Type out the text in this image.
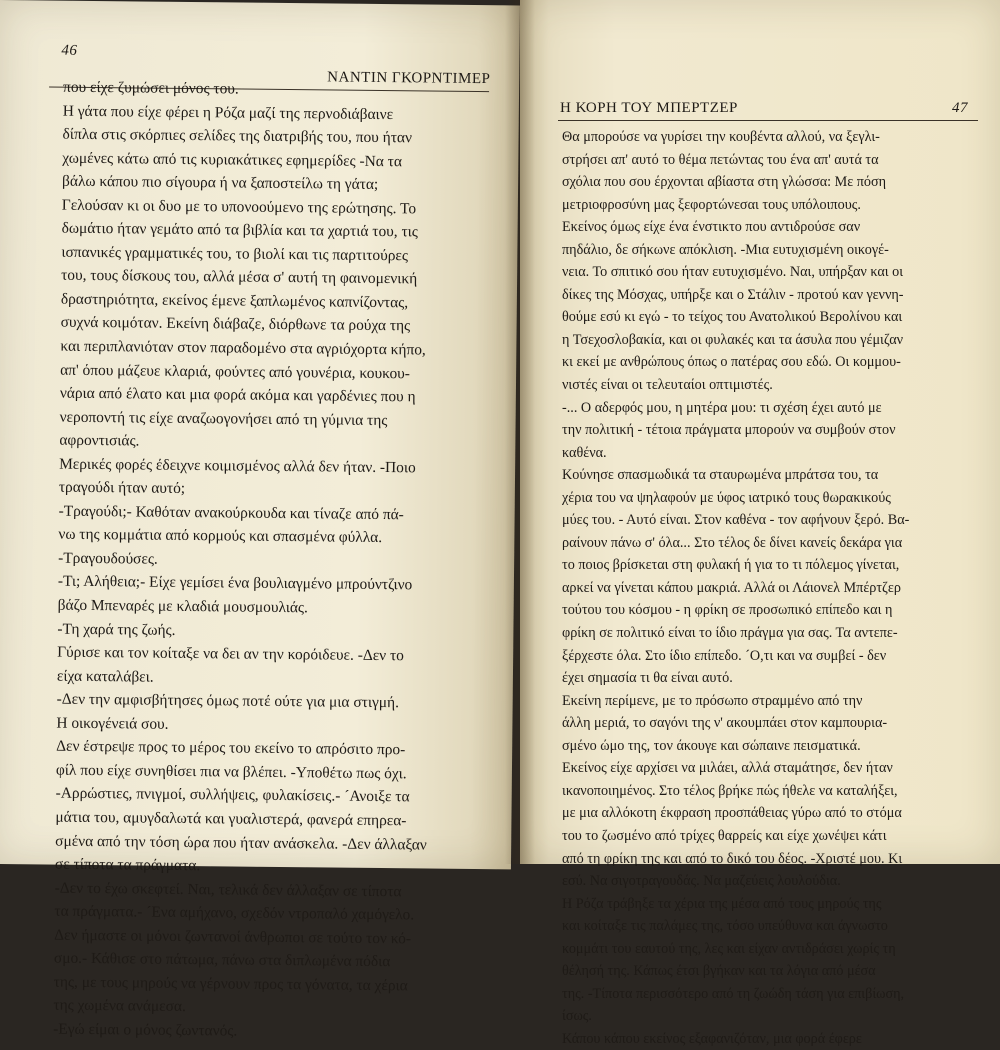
46
ΝΑΝΤΙΝ ΓΚΟΡΝΤΙΜΕΡ
που είχε ζυμώσει μόνος του.
Η γάτα που είχε φέρει η Ρόζα μαζί της περνοδιάβαινε
δίπλα στις σκόρπιες σελίδες της διατριβής του, που ήταν
χωμένες κάτω από τις κυριακάτικες εφημερίδες -Να τα
βάλω κάπου πιο σίγουρα ή να ξαποστείλω τη γάτα;
Γελούσαν κι οι δυο με το υπονοούμενο της ερώτησης. Το
δωμάτιο ήταν γεμάτο από τα βιβλία και τα χαρτιά του, τις
ισπανικές γραμματικές του, το βιολί και τις παρτιτούρες
του, τους δίσκους του, αλλά μέσα σ' αυτή τη φαινομενική
δραστηριότητα, εκείνος έμενε ξαπλωμένος καπνίζοντας,
συχνά κοιμόταν. Εκείνη διάβαζε, διόρθωνε τα ρούχα της
και περιπλανιόταν στον παραδομένο στα αγριόχορτα κήπο,
απ' όπου μάζευε κλαριά, φούντες από γουνέρια, κουκου-
νάρια από έλατο και μια φορά ακόμα και γαρδένιες που η
νεροποντή τις είχε αναζωογονήσει από τη γύμνια της
αφροντισιάς.
Μερικές φορές έδειχνε κοιμισμένος αλλά δεν ήταν. -Ποιο
τραγούδι ήταν αυτό;
-Τραγούδι;- Καθόταν ανακούρκουδα και τίναζε από πά-
νω της κομμάτια από κορμούς και σπασμένα φύλλα.
-Τραγουδούσες.
-Τι; Αλήθεια;- Είχε γεμίσει ένα βουλιαγμένο μπρούντζινο
βάζο Μπεναρές με κλαδιά μουσμουλιάς.
-Τη χαρά της ζωής.
Γύρισε και τον κοίταξε να δει αν την κορόιδευε. -Δεν το
είχα καταλάβει.
-Δεν την αμφισβήτησες όμως ποτέ ούτε για μια στιγμή.
Η οικογένειά σου.
Δεν έστρεψε προς το μέρος του εκείνο το απρόσιτο προ-
φίλ που είχε συνηθίσει πια να βλέπει. -Υποθέτω πως όχι.
-Αρρώστιες, πνιγμοί, συλλήψεις, φυλακίσεις.- ´Ανοιξε τα
μάτια του, αμυγδαλωτά και γυαλιστερά, φανερά επηρεα-
σμένα από την τόση ώρα που ήταν ανάσκελα. -Δεν άλλαξαν
σε τίποτα τα πράγματα.
-Δεν το έχω σκεφτεί. Ναι, τελικά δεν άλλαξαν σε τίποτα
τα πράγματα.- ´Ενα αμήχανο, σχεδόν ντροπαλό χαμόγελο.
Δεν ήμαστε οι μόνοι ζωντανοί άνθρωποι σε τούτο τον κό-
σμο.- Κάθισε στο πάτωμα, πάνω στα διπλωμένα πόδια
της, με τους μηρούς να γέρνουν προς τα γόνατα, τα χέρια
της χωμένα ανάμεσα.
-Εγώ είμαι ο μόνος ζωντανός.
Η ΚΟΡΗ ΤΟΥ ΜΠΕΡΤΖΕΡ	47
Θα μπορούσε να γυρίσει την κουβέντα αλλού, να ξεγλι-
στρήσει απ' αυτό το θέμα πετώντας του ένα απ' αυτά τα
σχόλια που σου έρχονται αβίαστα στη γλώσσα: Με πόση
μετριοφροσύνη μας ξεφορτώνεσαι τους υπόλοιπους.
Εκείνος όμως είχε ένα ένστικτο που αντιδρούσε σαν
πηδάλιο, δε σήκωνε απόκλιση. -Μια ευτυχισμένη οικογέ-
νεια. Το σπιτικό σου ήταν ευτυχισμένο. Ναι, υπήρξαν και οι
δίκες της Μόσχας, υπήρξε και ο Στάλιν - προτού καν γεννη-
θούμε εσύ κι εγώ - το τείχος του Ανατολικού Βερολίνου και
η Τσεχοσλοβακία, και οι φυλακές και τα άσυλα που γέμιζαν
κι εκεί με ανθρώπους όπως ο πατέρας σου εδώ. Οι κομμου-
νιστές είναι οι τελευταίοι οπτιμιστές.
-... Ο αδερφός μου, η μητέρα μου: τι σχέση έχει αυτό με
την πολιτική - τέτοια πράγματα μπορούν να συμβούν στον
καθένα.
Κούνησε σπασμωδικά τα σταυρωμένα μπράτσα του, τα
χέρια του να ψηλαφούν με ύφος ιατρικό τους θωρακικούς
μύες του. - Αυτό είναι. Στον καθένα - τον αφήνουν ξερό. Βα-
ραίνουν πάνω σ' όλα... Στο τέλος δε δίνει κανείς δεκάρα για
το ποιος βρίσκεται στη φυλακή ή για το τι πόλεμος γίνεται,
αρκεί να γίνεται κάπου μακριά. Αλλά οι Λάιονελ Μπέρτζερ
τούτου του κόσμου - η φρίκη σε προσωπικό επίπεδο και η
φρίκη σε πολιτικό είναι το ίδιο πράγμα για σας. Τα αντεπε-
ξέρχεστε όλα. Στο ίδιο επίπεδο. ´Ο,τι και να συμβεί - δεν
έχει σημασία τι θα είναι αυτό.
Εκείνη περίμενε, με το πρόσωπο στραμμένο από την
άλλη μεριά, το σαγόνι της ν' ακουμπάει στον καμπουρια-
σμένο ώμο της, τον άκουγε και σώπαινε πεισματικά.
Εκείνος είχε αρχίσει να μιλάει, αλλά σταμάτησε, δεν ήταν
ικανοποιημένος. Στο τέλος βρήκε πώς ήθελε να καταλήξει,
με μια αλλόκοτη έκφραση προσπάθειας γύρω από το στόμα
του το ζωσμένο από τρίχες θαρρείς και είχε χωνέψει κάτι
από τη φρίκη της και από το δικό του δέος. -Χριστέ μου. Κι
εσύ. Να σιγοτραγουδάς. Να μαζεύεις λουλούδια.
Η Ρόζα τράβηξε τα χέρια της μέσα από τους μηρούς της
και κοίταξε τις παλάμες της, τόσο υπεύθυνα και άγνωστο
κομμάτι του εαυτού της, λες και είχαν αντιδράσει χωρίς τη
θέλησή της. Κάπως έτσι βγήκαν και τα λόγια από μέσα
της. -Τίποτα περισσότερο από τη ζωώδη τάση για επιβίωση,
ίσως.
Κάπου κάπου εκείνος εξαφανιζόταν, μια φορά έφερε
